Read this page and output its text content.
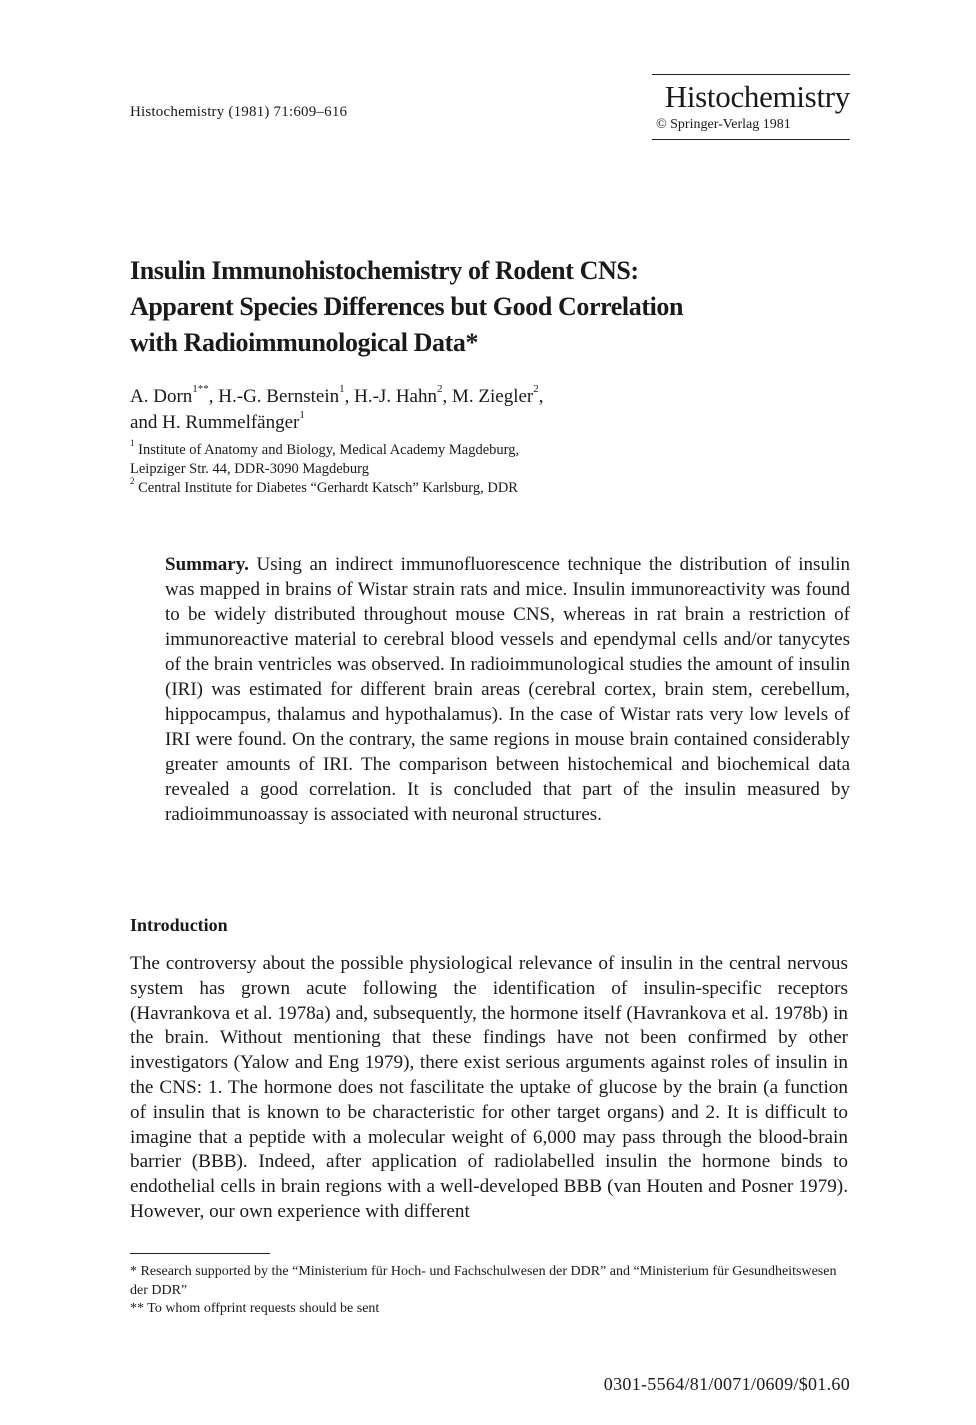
Histochemistry (1981) 71:609–616	Histochemistry
© Springer-Verlag 1981
Insulin Immunohistochemistry of Rodent CNS:
Apparent Species Differences but Good Correlation
with Radioimmunological Data*
A. Dorn$^{1**}$, H.-G. Bernstein$^1$, H.-J. Hahn$^2$, M. Ziegler$^2$,
and H. Rummelfänger$^1$
$^1$ Institute of Anatomy and Biology, Medical Academy Magdeburg,
Leipziger Str. 44, DDR-3090 Magdeburg
$^2$ Central Institute for Diabetes “Gerhardt Katsch” Karlsburg, DDR
Summary. Using an indirect immunofluorescence technique the distribution of insulin was mapped in brains of Wistar strain rats and mice. Insulin immunoreactivity was found to be widely distributed throughout mouse CNS, whereas in rat brain a restriction of immunoreactive material to cerebral blood vessels and ependymal cells and/or tanycytes of the brain ventricles was observed. In radioimmunological studies the amount of insulin (IRI) was estimated for different brain areas (cerebral cortex, brain stem, cerebellum, hippocampus, thalamus and hypothalamus). In the case of Wistar rats very low levels of IRI were found. On the contrary, the same regions in mouse brain contained considerably greater amounts of IRI. The comparison between histochemical and biochemical data revealed a good correlation. It is concluded that part of the insulin measured by radioimmunoassay is associated with neuronal structures.
Introduction
The controversy about the possible physiological relevance of insulin in the central nervous system has grown acute following the identification of insulin-specific receptors (Havrankova et al. 1978a) and, subsequently, the hormone itself (Havrankova et al. 1978b) in the brain. Without mentioning that these findings have not been confirmed by other investigators (Yalow and Eng 1979), there exist serious arguments against roles of insulin in the CNS: 1. The hormone does not fascilitate the uptake of glucose by the brain (a function of insulin that is known to be characteristic for other target organs) and 2. It is difficult to imagine that a peptide with a molecular weight of 6,000 may pass through the blood-brain barrier (BBB). Indeed, after application of radiolabelled insulin the hormone binds to endothelial cells in brain regions with a well-developed BBB (van Houten and Posner 1979). However, our own experience with different

* Research supported by the “Ministerium für Hoch- und Fachschulwesen der DDR” and “Ministerium für Gesundheitswesen der DDR”

** To whom offprint requests should be sent

0301-5564/81/0071/0609/$01.60
